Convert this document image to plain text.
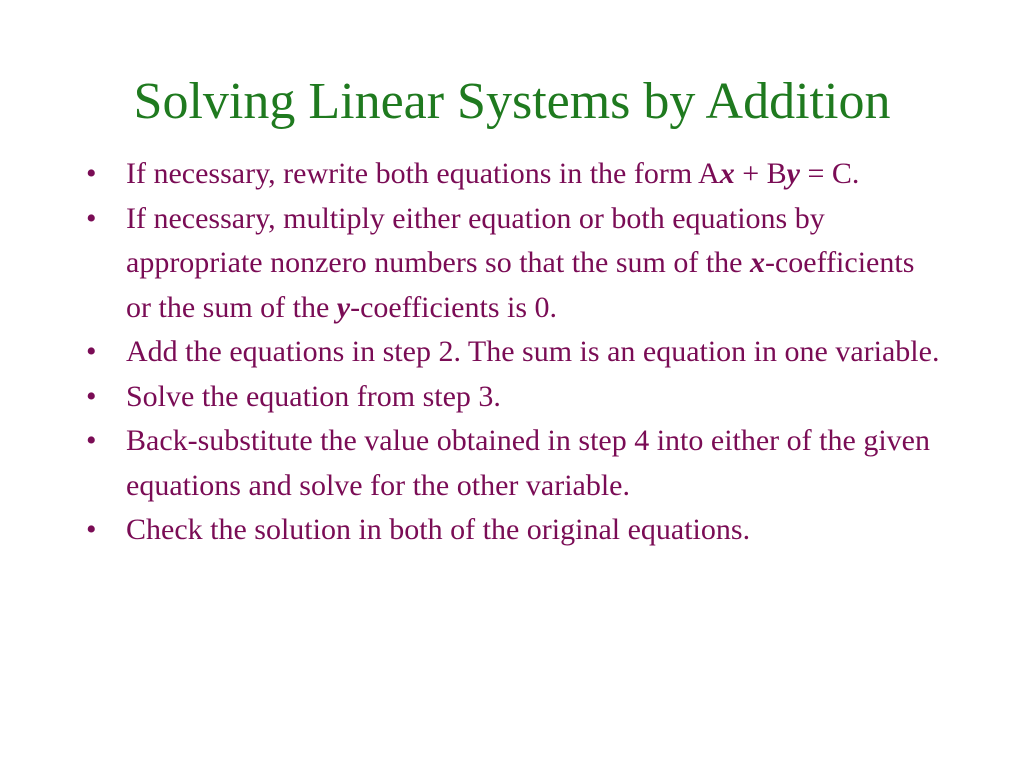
Solving Linear Systems by Addition
• If necessary, rewrite both equations in the form Ax + By = C.
• If necessary, multiply either equation or both equations by appropriate nonzero numbers so that the sum of the x-coefficients or the sum of the y-coefficients is 0.
• Add the equations in step 2. The sum is an equation in one variable.
• Solve the equation from step 3.
• Back-substitute the value obtained in step 4 into either of the given equations and solve for the other variable.
• Check the solution in both of the original equations.
